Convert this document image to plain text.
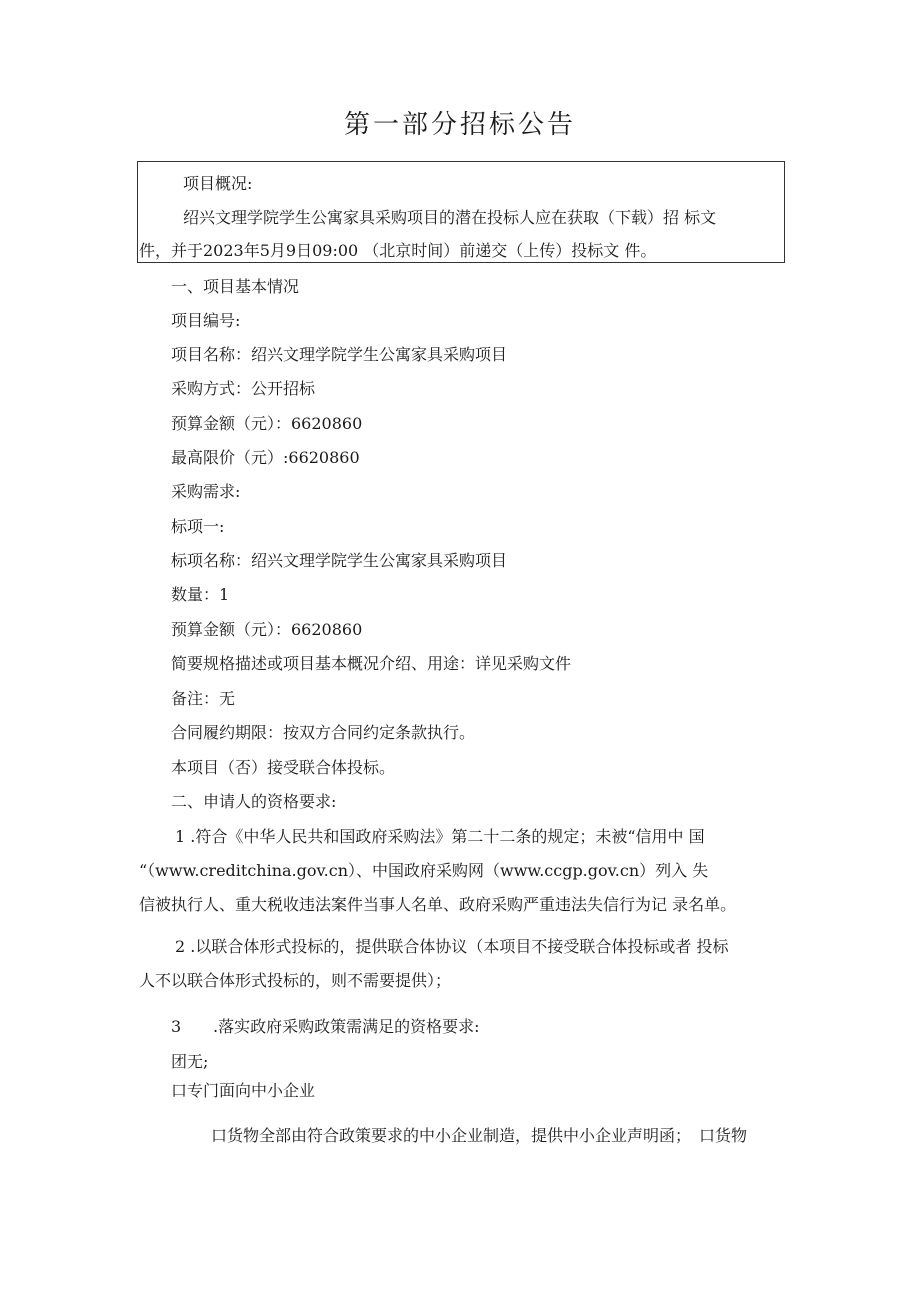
第一部分招标公告
项目概况:
绍兴文理学院学生公寓家具采购项目的潜在投标人应在获取（下载）招 标文
件，并于2023年5月9日09:00 （北京时间）前递交（上传）投标文 件。
一、项目基本情况
项目编号:
项目名称：绍兴文理学院学生公寓家具采购项目
采购方式：公开招标
预算金额（元）：6620860
最高限价（元）:6620860
采购需求:
标项一:
标项名称：绍兴文理学院学生公寓家具采购项目
数量：1
预算金额（元）：6620860
简要规格描述或项目基本概况介绍、用途：详见采购文件
备注：无
合同履约期限：按双方合同约定条款执行。
本项目（否）接受联合体投标。
二、申请人的资格要求:
1 .符合《中华人民共和国政府采购法》第二十二条的规定；未被“信用中 国
“（www.creditchina.gov.cn）、中国政府采购网（www.ccgp.gov.cn）列入 失
信被执行人、重大税收违法案件当事人名单、政府采购严重违法失信行为记 录名单。
2 .以联合体形式投标的，提供联合体协议（本项目不接受联合体投标或者 投标
人不以联合体形式投标的，则不需要提供）；
3 .落实政府采购政策需满足的资格要求:
团无;
口专门面向中小企业
口货物全部由符合政策要求的中小企业制造，提供中小企业声明函；　口货物
